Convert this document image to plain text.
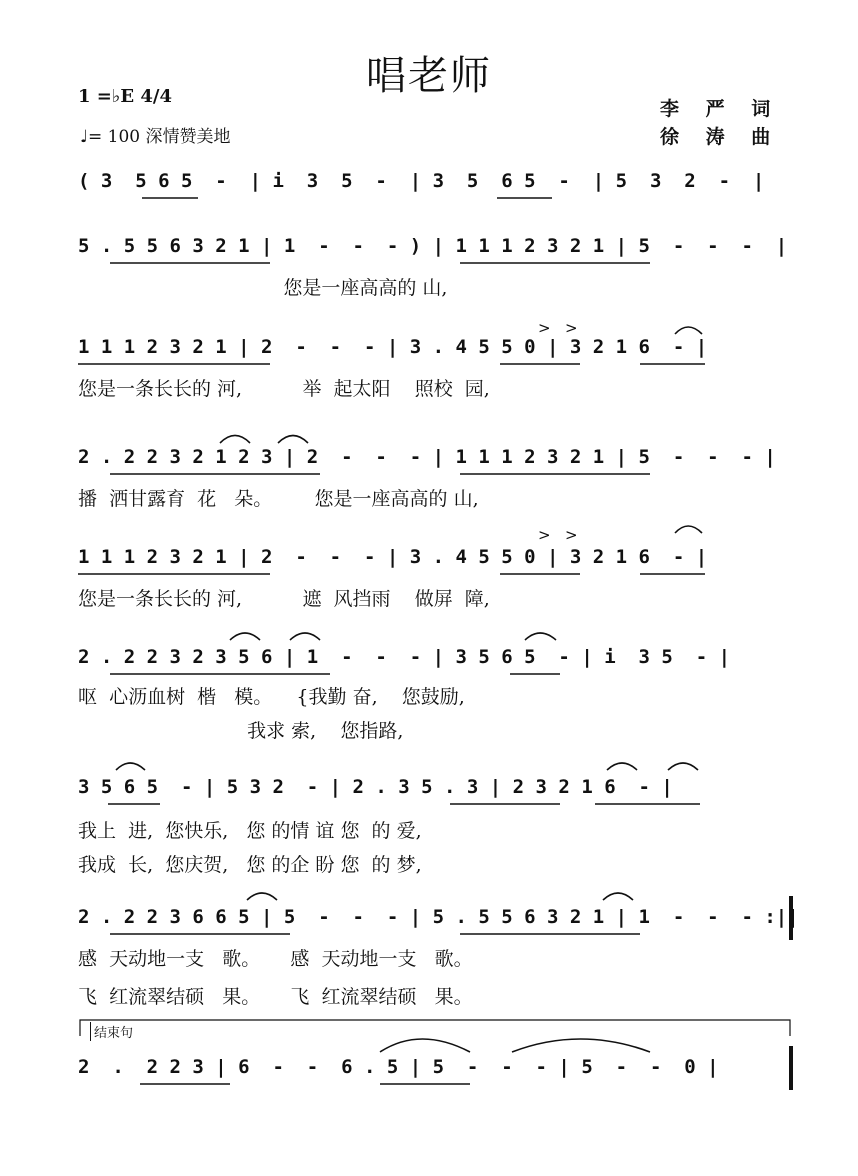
唱老师
1 =♭E 4/4
♩= 100 深情赞美地
李 严 词
徐 涛 曲
( 3  5 6 5  -  | i  3  5  -  | 3  5  6 5  -  | 5  3  2  -  |
5 . 5 5 6 3 2 1 | 1  -  -  - ) | 1 1 1 2 3 2 1 | 5  -  -  -  |
您是一座高高的 山,
1 1 1 2 3 2 1 | 2  -  -  - | 3 . 4 5 5 0 | 3 2 1 6  - |
您是一条长长的 河,          举  起太阳    照校  园,
2 . 2 2 3 2 1 2 3 | 2  -  -  - | 1 1 1 2 3 2 1 | 5  -  -  - |
播  洒甘露育  花   朵。       您是一座高高的 山,
1 1 1 2 3 2 1 | 2  -  -  - | 3 . 4 5 5 0 | 3 2 1 6  - |
您是一条长长的 河,          遮  风挡雨    做屏  障,
2 . 2 2 3 2 3 5 6 | 1  -  -  - | 3 5 6 5  - | i  3 5  - |
呕  心沥血树  楷   模。    {我勤 奋,    您鼓励,
我求 索,    您指路,
3 5 6 5  - | 5 3 2  - | 2 . 3 5 . 3 | 2 3 2 1 6  - |
我上  进,  您快乐,   您 的情 谊 您  的 爱,
我成  长,  您庆贺,   您 的企 盼 您  的 梦,
2 . 2 2 3 6 6 5 | 5  -  -  - | 5 . 5 5 6 3 2 1 | 1  -  -  - :||
感  天动地一支   歌。     感  天动地一支   歌。
飞  红流翠结硕   果。     飞  红流翠结硕   果。
结束句
2  .  2 2 3 | 6  -  -  6 . 5 | 5  -  -  - | 5  -  -  0 |
> >
> >
